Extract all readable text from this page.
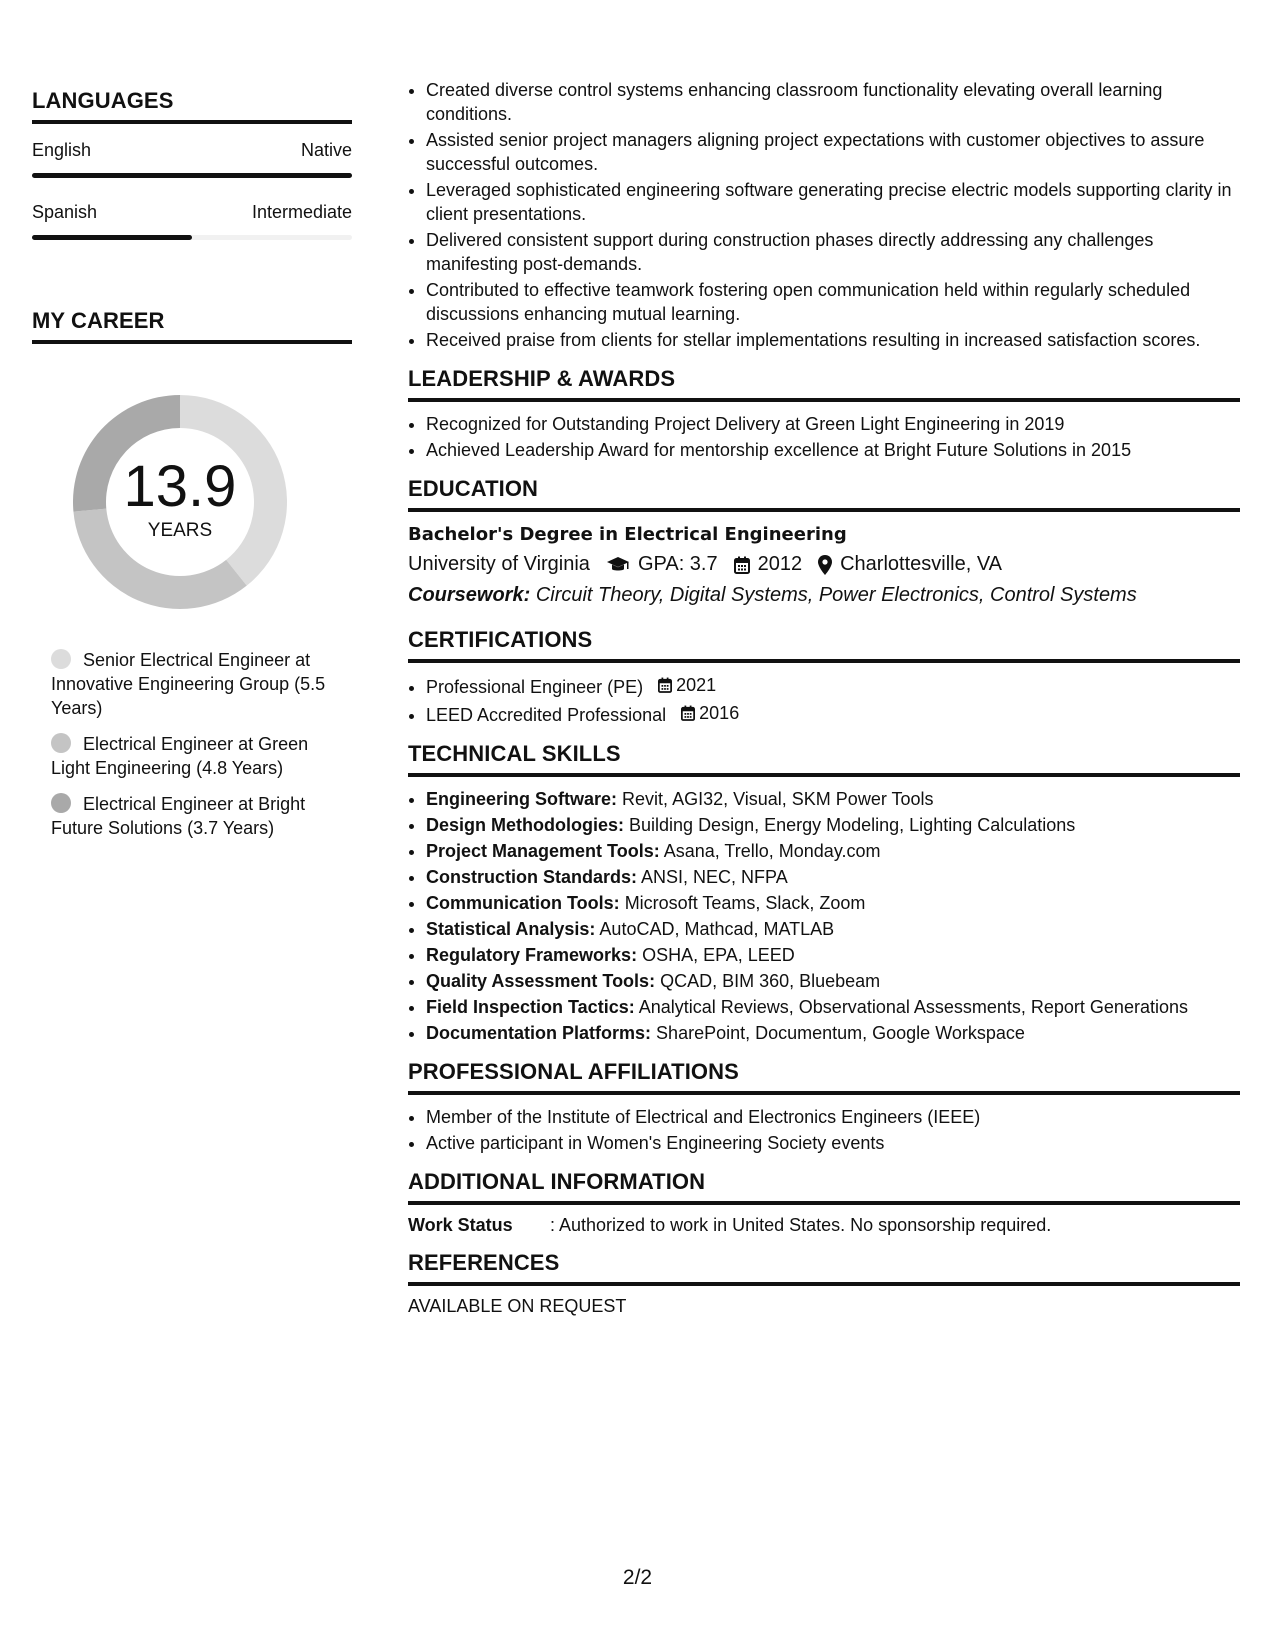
LANGUAGES
English	Native
Spanish	Intermediate
MY CAREER
13.9
YEARS
Senior Electrical Engineer at Innovative Engineering Group (5.5 Years)
Electrical Engineer at Green Light Engineering (4.8 Years)
Electrical Engineer at Bright Future Solutions (3.7 Years)
• Created diverse control systems enhancing classroom functionality elevating overall learning conditions.
• Assisted senior project managers aligning project expectations with customer objectives to assure successful outcomes.
• Leveraged sophisticated engineering software generating precise electric models supporting clarity in client presentations.
• Delivered consistent support during construction phases directly addressing any challenges manifesting post-demands.
• Contributed to effective teamwork fostering open communication held within regularly scheduled discussions enhancing mutual learning.
• Received praise from clients for stellar implementations resulting in increased satisfaction scores.
LEADERSHIP & AWARDS
• Recognized for Outstanding Project Delivery at Green Light Engineering in 2019
• Achieved Leadership Award for mentorship excellence at Bright Future Solutions in 2015
EDUCATION
Bachelor's Degree in Electrical Engineering
University of Virginia GPA: 3.7 2012 Charlottesville, VA
Coursework: Circuit Theory, Digital Systems, Power Electronics, Control Systems
CERTIFICATIONS
• Professional Engineer (PE) 2021
• LEED Accredited Professional 2016
TECHNICAL SKILLS
• Engineering Software: Revit, AGI32, Visual, SKM Power Tools
• Design Methodologies: Building Design, Energy Modeling, Lighting Calculations
• Project Management Tools: Asana, Trello, Monday.com
• Construction Standards: ANSI, NEC, NFPA
• Communication Tools: Microsoft Teams, Slack, Zoom
• Statistical Analysis: AutoCAD, Mathcad, MATLAB
• Regulatory Frameworks: OSHA, EPA, LEED
• Quality Assessment Tools: QCAD, BIM 360, Bluebeam
• Field Inspection Tactics: Analytical Reviews, Observational Assessments, Report Generations
• Documentation Platforms: SharePoint, Documentum, Google Workspace
PROFESSIONAL AFFILIATIONS
• Member of the Institute of Electrical and Electronics Engineers (IEEE)
• Active participant in Women's Engineering Society events
ADDITIONAL INFORMATION
Work Status	: Authorized to work in United States. No sponsorship required.
REFERENCES
AVAILABLE ON REQUEST
2/2
